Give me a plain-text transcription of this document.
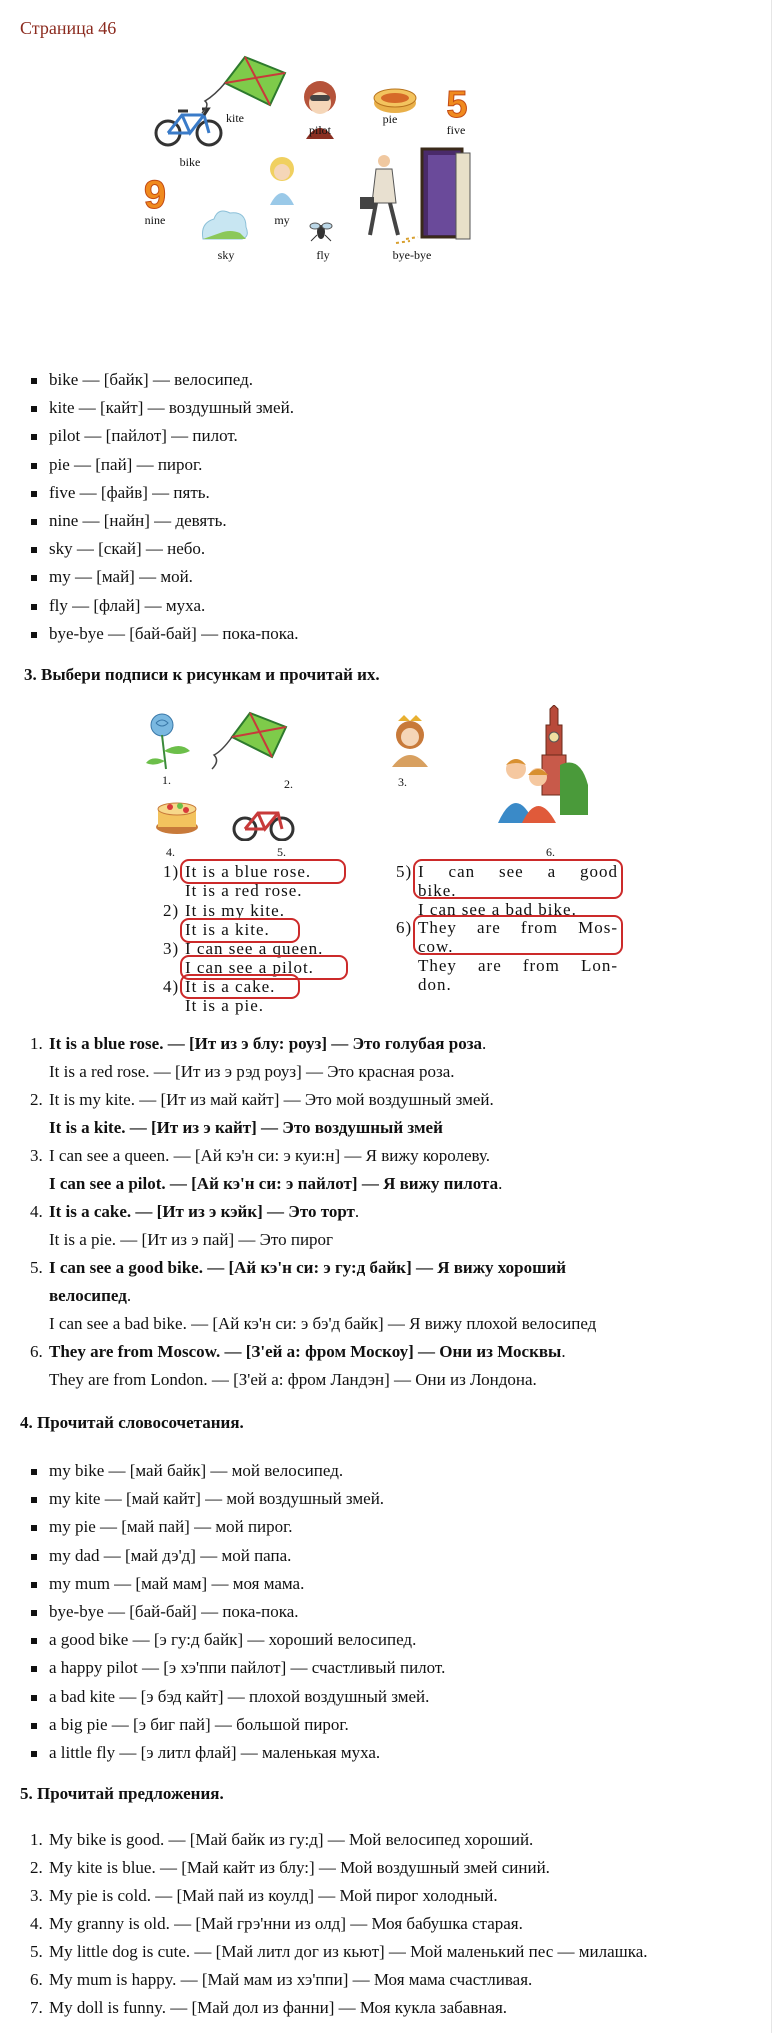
Страница 46
bike
kite
pilot
pie	5
five
9
nine	my
sky	fly	bye-bye
bike — [байк] — велосипед.
kite — [кайт] — воздушный змей.
pilot — [пайлот] — пилот.
pie — [пай] — пирог.
five — [файв] — пять.
nine — [найн] — девять.
sky — [скай] — небо.
my — [май] — мой.
fly — [флай] — муха.
bye-bye — [бай-бай] — пока-пока.
3. Выбери подписи к рисункам и прочитай их.
1.	2.	3.
6.
4.	5.
1) It is a blue rose.
It is a red rose.
2) It is my kite.
It is a kite.
3) I can see a queen.
I can see a pilot.
4) It is a cake.
It is a pie.
5) I can see a good
bike.
I can see a bad bike.
6) They are from Mos-
cow.
They are from Lon-
don.
1. It is a blue rose. — [Ит из э блу: роуз] — Это голубая роза.
It is a red rose. — [Ит из э рэд роуз] — Это красная роза.
2. It is my kite. — [Ит из май кайт] — Это мой воздушный змей.
It is a kite. — [Ит из э кайт] — Это воздушный змей
3. I can see a queen. — [Ай кэ'н си: э куи:н] — Я вижу королеву.
I can see a pilot. — [Ай кэ'н си: э пайлот] — Я вижу пилота.
4. It is a cake. — [Ит из э кэйк] — Это торт.
It is a pie. — [Ит из э пай] — Это пирог
5. I can see a good bike. — [Ай кэ'н си: э гу:д байк] — Я вижу хороший
велосипед.
I can see a bad bike. — [Ай кэ'н си: э бэ'д байк] — Я вижу плохой велосипед
6. They are from Moscow. — [З'ей а: фром Москоу] — Они из Москвы.
They are from London. — [З'ей а: фром Ландэн] — Они из Лондона.
4. Прочитай словосочетания.
my bike — [май байк] — мой велосипед.
my kite — [май кайт] — мой воздушный змей.
my pie — [май пай] — мой пирог.
my dad — [май дэ'д] — мой папа.
my mum — [май мам] — моя мама.
bye-bye — [бай-бай] — пока-пока.
a good bike — [э гу:д байк] — хороший велосипед.
a happy pilot — [э хэ'ппи пайлот] — счастливый пилот.
a bad kite — [э бэд кайт] — плохой воздушный змей.
a big pie — [э биг пай] — большой пирог.
a little fly — [э литл флай] — маленькая муха.
5. Прочитай предложения.
1. My bike is good. — [Май байк из гу:д] — Мой велосипед хороший.
2. My kite is blue. — [Май кайт из блу:] — Мой воздушный змей синий.
3. My pie is cold. — [Май пай из коулд] — Мой пирог холодный.
4. My granny is old. — [Май грэ'нни из олд] — Моя бабушка старая.
5. My little dog is cute. — [Май литл дог из кьют] — Мой маленький пес — милашка.
6. My mum is happy. — [Май мам из хэ'ппи] — Моя мама счастливая.
7. My doll is funny. — [Май дол из фанни] — Моя кукла забавная.
